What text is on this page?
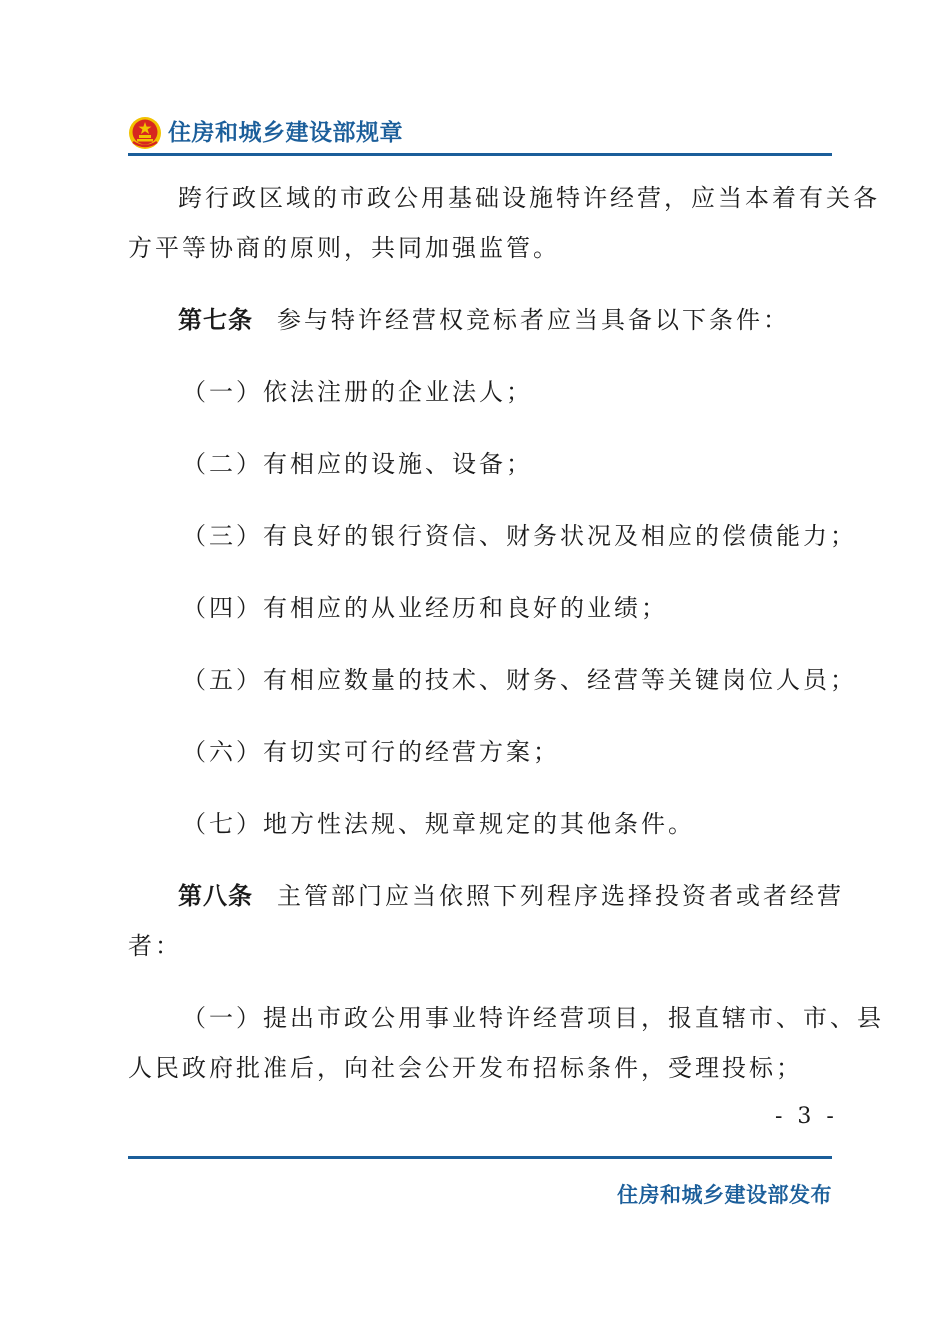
住房和城乡建设部规章
跨行政区域的市政公用基础设施特许经营，应当本着有关各
方平等协商的原则，共同加强监管。
第七条 参与特许经营权竞标者应当具备以下条件：
（一）依法注册的企业法人；
（二）有相应的设施、设备；
（三）有良好的银行资信、财务状况及相应的偿债能力；
（四）有相应的从业经历和良好的业绩；
（五）有相应数量的技术、财务、经营等关键岗位人员；
（六）有切实可行的经营方案；
（七）地方性法规、规章规定的其他条件。
第八条 主管部门应当依照下列程序选择投资者或者经营
者：
（一）提出市政公用事业特许经营项目，报直辖市、市、县
人民政府批准后，向社会公开发布招标条件，受理投标；
- 3 -
住房和城乡建设部发布
